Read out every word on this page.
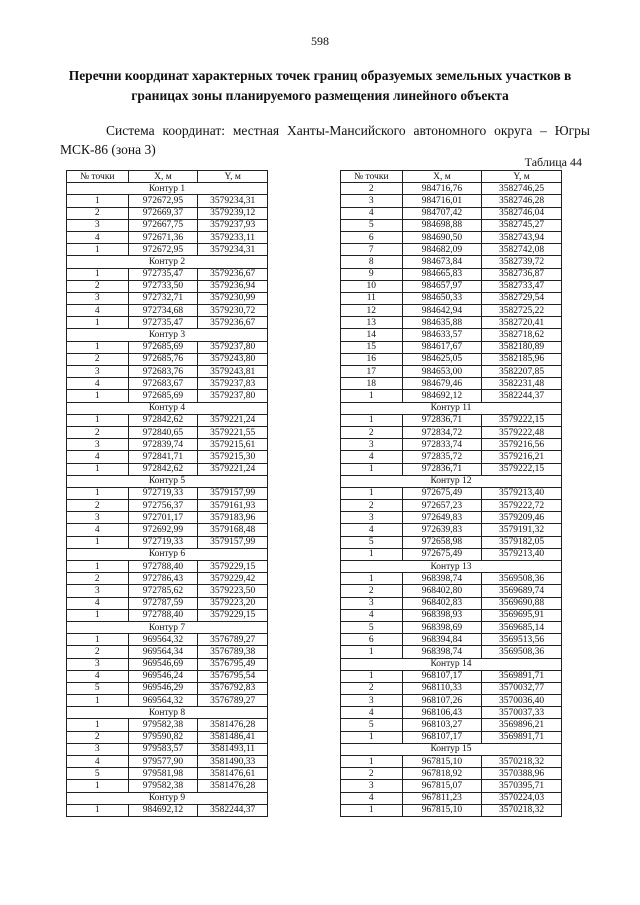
598
Перечни координат характерных точек границ образуемых земельных участков в границах зоны планируемого размещения линейного объекта
Система координат: местная Ханты-Мансийского автономного округа – Югры МСК-86 (зона 3)
Таблица 44
№ точки	X, м	Y, м
Контур 1		
1	972672,95	3579234,31
2	972669,37	3579239,12
3	972667,75	3579237,93
4	972671,36	3579233,11
1	972672,95	3579234,31
Контур 2		
1	972735,47	3579236,67
2	972733,50	3579236,94
3	972732,71	3579230,99
4	972734,68	3579230,72
1	972735,47	3579236,67
Контур 3		
1	972685,69	3579237,80
2	972685,76	3579243,80
3	972683,76	3579243,81
4	972683,67	3579237,83
1	972685,69	3579237,80
Контур 4		
1	972842,62	3579221,24
2	972840,65	3579221,55
3	972839,74	3579215,61
4	972841,71	3579215,30
1	972842,62	3579221,24
Контур 5		
1	972719,33	3579157,99
2	972756,37	3579161,93
3	972701,17	3579183,96
4	972692,99	3579168,48
1	972719,33	3579157,99
Контур 6		
1	972788,40	3579229,15
2	972786,43	3579229,42
3	972785,62	3579223,50
4	972787,59	3579223,20
1	972788,40	3579229,15
Контур 7		
1	969564,32	3576789,27
2	969564,34	3576789,38
3	969546,69	3576795,49
4	969546,24	3576795,54
5	969546,29	3576792,83
1	969564,32	3576789,27
Контур 8		
1	979582,38	3581476,28
2	979590,82	3581486,41
3	979583,57	3581493,11
4	979577,90	3581490,33
5	979581,98	3581476,61
1	979582,38	3581476,28
Контур 9		
1	984692,12	3582244,37
№ точки	X, м	Y, м
2	984716,76	3582746,25
3	984716,01	3582746,28
4	984707,42	3582746,04
5	984698,88	3582745,27
6	984690,50	3582743,94
7	984682,09	3582742,08
8	984673,84	3582739,72
9	984665,83	3582736,87
10	984657,97	3582733,47
11	984650,33	3582729,54
12	984642,94	3582725,22
13	984635,88	3582720,41
14	984633,57	3582718,62
15	984617,67	3582180,89
16	984625,05	3582185,96
17	984653,00	3582207,85
18	984679,46	3582231,48
1	984692,12	3582244,37
Контур 11		
1	972836,71	3579222,15
2	972834,72	3579222,48
3	972833,74	3579216,56
4	972835,72	3579216,21
1	972836,71	3579222,15
Контур 12		
1	972675,49	3579213,40
2	972657,23	3579222,72
3	972649,83	3579209,46
4	972639,83	3579191,32
5	972658,98	3579182,05
1	972675,49	3579213,40
Контур 13		
1	968398,74	3569508,36
2	968402,80	3569689,74
3	968402,83	3569690,88
4	968398,93	3569695,91
5	968398,69	3569685,14
6	968394,84	3569513,56
1	968398,74	3569508,36
Контур 14		
1	968107,17	3569891,71
2	968110,33	3570032,77
3	968107,26	3570036,40
4	968106,43	3570037,33
5	968103,27	3569896,21
1	968107,17	3569891,71
Контур 15		
1	967815,10	3570218,32
2	967818,92	3570388,96
3	967815,07	3570395,71
4	967811,23	3570224,03
1	967815,10	3570218,32
